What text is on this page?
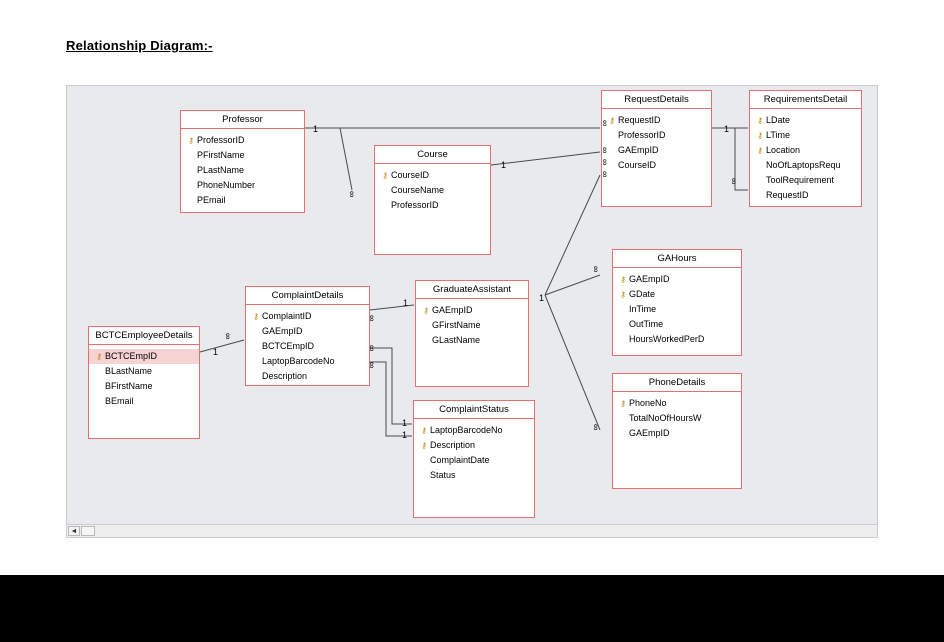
Relationship Diagram:-
Professor
⚷ ProfessorID
PFirstName
PLastName
PhoneNumber
PEmail
Course
⚷ CourseID
CourseName
ProfessorID
RequestDetails
⚷ RequestID
ProfessorID
GAEmpID
CourseID
RequirementsDetail
⚷ LDate
⚷ LTime
⚷ Location
NoOfLaptopsRequ
ToolRequirement
RequestID
GAHours
⚷ GAEmpID
⚷ GDate
InTime
OutTime
HoursWorkedPerD
PhoneDetails
⚷ PhoneNo
TotalNoOfHoursW
GAEmpID
GraduateAssistant
⚷ GAEmpID
GFirstName
GLastName
ComplaintDetails
⚷ ComplaintID
GAEmpID
BCTCEmpID
LaptopBarcodeNo
Description
BCTCEmployeeDetails
⚷ BCTCEmpID
BLastName
BFirstName
BEmail
ComplaintStatus
⚷ LaptopBarcodeNo
⚷ Description
ComplaintDate
Status
1
∞
1
∞
∞
∞
∞
1
∞
∞
∞
1
1
∞
∞
∞
1
1
∞
1
◄
